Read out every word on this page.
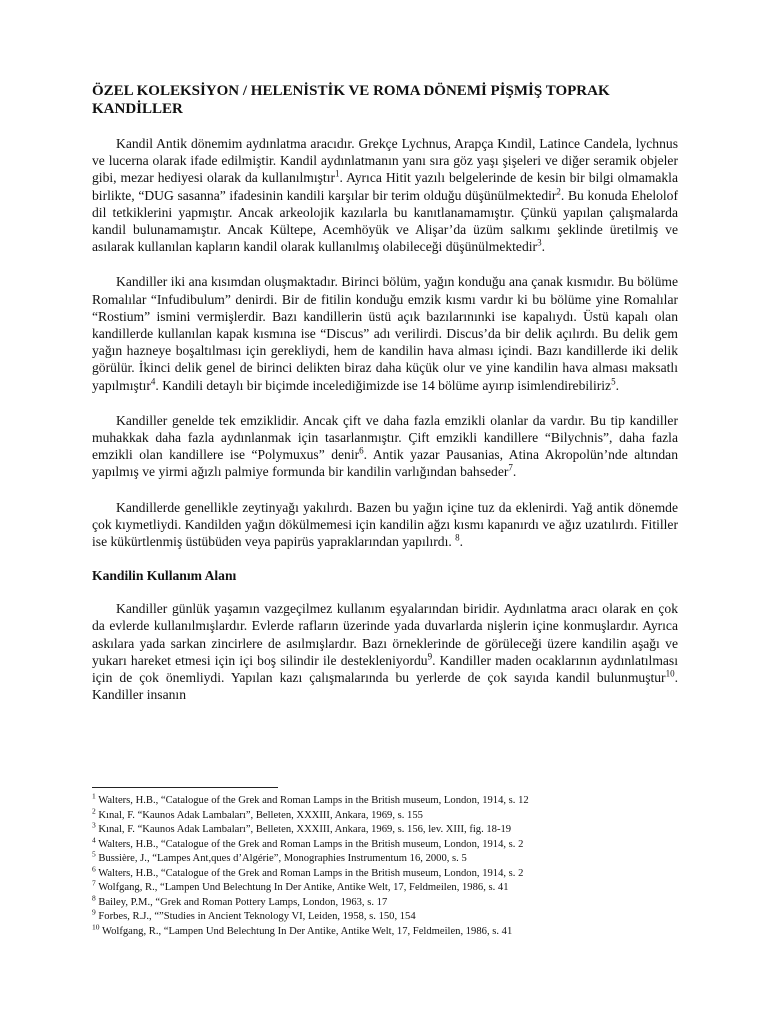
ÖZEL KOLEKSİYON / HELENİSTİK VE ROMA DÖNEMİ PİŞMİŞ TOPRAK KANDİLLER

Kandil Antik dönemim aydınlatma aracıdır. Grekçe Lychnus, Arapça Kındil, Latince Candela, lychnus ve lucerna olarak ifade edilmiştir. Kandil aydınlatmanın yanı sıra göz yaşı şişeleri ve diğer seramik objeler gibi, mezar hediyesi olarak da kullanılmıştır$^1$. Ayrıca Hitit yazılı belgelerinde de kesin bir bilgi olmamakla birlikte, “DUG sasanna” ifadesinin kandili karşılar bir terim olduğu düşünülmektedir$^2$. Bu konuda Ehelolof dil tetkiklerini yapmıştır. Ancak arkeolojik kazılarla bu kanıtlanamamıştır. Çünkü yapılan çalışmalarda kandil bulunamamıştır. Ancak Kültepe, Acemhöyük ve Alişar’da üzüm salkımı şeklinde üretilmiş ve asılarak kullanılan kapların kandil olarak kullanılmış olabileceği düşünülmektedir$^3$.

Kandiller iki ana kısımdan oluşmaktadır. Birinci bölüm, yağın konduğu ana çanak kısmıdır. Bu bölüme Romalılar “Infudibulum” denirdi. Bir de fitilin konduğu emzik kısmı vardır ki bu bölüme yine Romalılar “Rostium” ismini vermişlerdir. Bazı kandillerin üstü açık bazılarınınki ise kapalıydı. Üstü kapalı olan kandillerde kullanılan kapak kısmına ise “Discus” adı verilirdi. Discus’da bir delik açılırdı. Bu delik gem yağın hazneye boşaltılması için gerekliydi, hem de kandilin hava alması içindi. Bazı kandillerde iki delik görülür. İkinci delik genel de birinci delikten biraz daha küçük olur ve yine kandilin hava alması maksatlı yapılmıştır$^4$. Kandili detaylı bir biçimde incelediğimizde ise 14 bölüme ayırıp isimlendirebiliriz$^5$.

Kandiller genelde tek emziklidir. Ancak çift ve daha fazla emzikli olanlar da vardır. Bu tip kandiller muhakkak daha fazla aydınlanmak için tasarlanmıştır. Çift emzikli kandillere “Bilychnis”, daha fazla emzikli olan kandillere ise “Polymuxus” denir$^6$. Antik yazar Pausanias, Atina Akropolün’nde altından yapılmış ve yirmi ağızlı palmiye formunda bir kandilin varlığından bahseder$^7$.

Kandillerde genellikle zeytinyağı yakılırdı. Bazen bu yağın içine tuz da eklenirdi. Yağ antik dönemde çok kıymetliydi. Kandilden yağın dökülmemesi için kandilin ağzı kısmı kapanırdı ve ağız uzatılırdı. Fitiller ise kükürtlenmiş üstübüden veya papirüs yapraklarından yapılırdı. $^8$.

Kandilin Kullanım Alanı

Kandiller günlük yaşamın vazgeçilmez kullanım eşyalarından biridir. Aydınlatma aracı olarak en çok da evlerde kullanılmışlardır. Evlerde rafların üzerinde yada duvarlarda nişlerin içine konmuşlardır. Ayrıca askılara yada sarkan zincirlere de asılmışlardır. Bazı örneklerinde de görüleceği üzere kandilin aşağı ve yukarı hareket etmesi için içi boş silindir ile destekleniyordu$^9$. Kandiller maden ocaklarının aydınlatılması için de çok önemliydi. Yapılan kazı çalışmalarında bu yerlerde de çok sayıda kandil bulunmuştur$^{10}$. Kandiller insanın

$^1$ Walters, H.B., “Catalogue of the Grek and Roman Lamps in the British museum, London, 1914, s. 12
$^2$ Kınal, F. “Kaunos Adak Lambaları”, Belleten, XXXIII, Ankara, 1969, s. 155
$^3$ Kınal, F. “Kaunos Adak Lambaları”, Belleten, XXXIII, Ankara, 1969, s. 156, lev. XIII, fig. 18-19
$^4$ Walters, H.B., “Catalogue of the Grek and Roman Lamps in the British museum, London, 1914, s. 2
$^5$ Bussière, J., “Lampes Ant,ques d’Algérie”, Monographies Instrumentum 16, 2000, s. 5
$^6$ Walters, H.B., “Catalogue of the Grek and Roman Lamps in the British museum, London, 1914, s. 2
$^7$ Wolfgang, R., “Lampen Und Belechtung In Der Antike, Antike Welt, 17, Feldmeilen, 1986, s. 41
$^8$ Bailey, P.M., “Grek and Roman Pottery Lamps, London, 1963, s. 17
$^9$ Forbes, R.J., “”Studies in Ancient Teknology VI, Leiden, 1958, s. 150, 154
$^{10}$ Wolfgang, R., “Lampen Und Belechtung In Der Antike, Antike Welt, 17, Feldmeilen, 1986, s. 41
